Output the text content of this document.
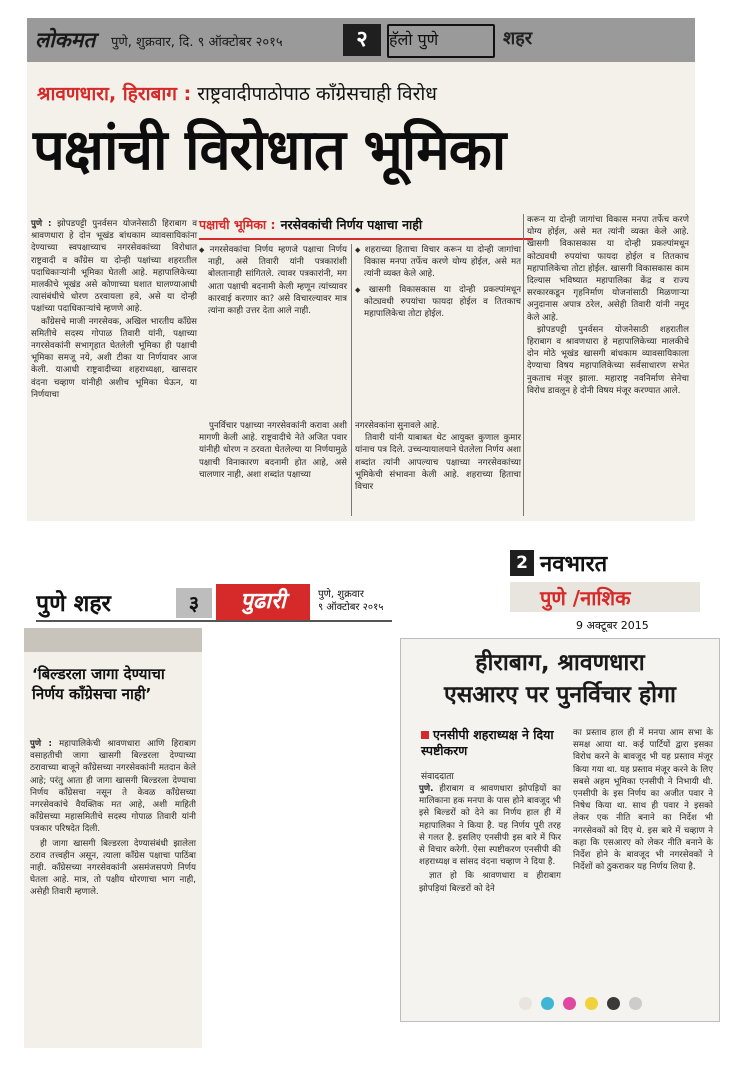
लोकमत पुणे, शुक्रवार, दि. ९ ऑक्टोबर २०१५	२	हॅलो पुणे	शहर
श्रावणधारा, हिराबाग : राष्ट्रवादीपाठोपाठ काँग्रेसचाही विरोध
पक्षांची विरोधात भूमिका

पुणे : झोपडपट्टी पुनर्वसन योजनेसाठी हिराबाग व श्रावणधारा हे दोन भूखंड बांधकाम व्यावसायिकांना देण्याच्या स्वपक्षाच्याच नगरसेवकांच्या विरोधात राष्ट्रवादी व काँग्रेस या दोन्ही पक्षांच्या शहरातील पदाधिकाऱ्यांनी भूमिका घेतली आहे. महापालिकेच्या मालकीचे भूखंड असे कोणाच्या घशात घालण्याआधी त्यासंबंधीचे धोरण ठरवायला हवे, असे या दोन्ही पक्षांच्या पदाधिकाऱ्यांचे म्हणणे आहे.

काँग्रेसचे माजी नगरसेवक, अखिल भारतीय काँग्रेस समितीचे सदस्य गोपाळ तिवारी यांनी, पक्षाच्या नगरसेवकांनी सभागृहात घेतलेली भूमिका ही पक्षाची भूमिका समजू नये, अशी टीका या निर्णयावर आज केली. याआधी राष्ट्रवादीच्या शहराध्यक्षा, खासदार वंदना चव्हाण यांनीही अशीच भूमिका घेऊन, या निर्णयाचा

पक्षाची भूमिका : नरसेवकांची निर्णय पक्षाचा नाही

◆ नगरसेवकांचा निर्णय म्हणजे पक्षाचा निर्णय नाही, असे तिवारी यांनी पत्रकारांशी बोलतानाही सांगितले. त्यावर पत्रकारांनी, मग आता पक्षाची बदनामी केली म्हणून त्यांच्यावर कारवाई करणार का? असे विचारल्यावर मात्र त्यांना काही उत्तर देता आले नाही.

◆ शहराच्या हिताचा विचार करून या दोन्ही जागांचा विकास मनपा तर्फेच करणे योग्य होईल, असे मत त्यांनी व्यक्त केले आहे.

◆ खासगी विकासकास या दोन्ही प्रकल्पांमधून कोट्यवधी रुपयांचा फायदा होईल व तितकाच महापालिकेचा तोटा होईल.

पुनर्विचार पक्षाच्या नगरसेवकांनी करावा अशी मागणी केली आहे. राष्ट्रवादीचे नेते अजित पवार यांनीही धोरण न ठरवता घेतलेल्या या निर्णयामुळे पक्षाची विनाकारण बदनामी होत आहे, असे चालणार नाही, अशा शब्दांत पक्षाच्या

नगरसेवकांना सुनावले आहे.

तिवारी यांनी याबाबत थेट आयुक्त कुणाल कुमार यांनाच पत्र दिले. उच्चन्यायालयाने घेतलेला निर्णय अशा शब्दांत त्यांनी आपल्याच पक्षाच्या नगरसेवकांच्या भूमिकेची संभावना केली आहे. शहराच्या हिताचा विचार

करून या दोन्ही जागांचा विकास मनपा तर्फेच करणे योग्य होईल, असे मत त्यांनी व्यक्त केले आहे. खासगी विकासकास या दोन्ही प्रकल्पांमधून कोट्यवधी रुपयांचा फायदा होईल व तितकाच महापालिकेचा तोटा होईल. खासगी विकासकास काम दिल्यास भविष्यात महापालिका केंद्र व राज्य सरकारकडून गृहनिर्माण योजनांसाठी मिळणाऱ्या अनुदानास अपात्र ठरेल, असेही तिवारी यांनी नमूद केले आहे.

झोपडपट्टी पुनर्वसन योजनेसाठी शहरातील हिराबाग व श्रावणधारा हे महापालिकेच्या मालकीचे दोन मोठे भूखंड खासगी बांधकाम व्यावसायिकाला देण्याचा विषय महापालिकेच्या सर्वसाधारण सभेत नुकताच मंजूर झाला. महाराष्ट्र नवनिर्माण सेनेचा विरोध डावलून हे दोनी विषय मंजूर करण्यात आले.

2 नवभारत
पुणे /नाशिक
9 अक्टूबर 2015
हीराबाग, श्रावणधारा
एसआरए पर पुनर्विचार होगा
एनसीपी शहराध्यक्ष ने दिया स्पष्टीकरण
संवाददाता

पुणे. हीराबाग व श्रावणधारा झोपड़ियों का मालिकाना हक मनपा के पास होने बावजूद भी इसे बिल्डरों को देने का निर्णय हाल ही में महापालिका ने किया है. यह निर्णय पूरी तरह से गलत है. इसलिए एनसीपी इस बारे में फिर से विचार करेगी. ऐसा स्पष्टीकरण एनसीपी की शहराध्यक्ष व सांसद वंदना चव्हाण ने दिया है.

ज्ञात हो कि श्रावणधारा व हीराबाग झोपड़ियां बिल्डरों को देने

का प्रस्ताव हाल ही में मनपा आम सभा के समक्ष आया था. कई पार्टियों द्वारा इसका विरोध करने के बावजूद भी यह प्रस्ताव मंजूर किया गया था. यह प्रस्ताव मंजूर करने के लिए सबसे अहम भूमिका एनसीपी ने निभायी थी. एनसीपी के इस निर्णय का अजीत पवार ने निषेध किया था. साथ ही पवार ने इसको लेकर एक नीति बनाने का निर्देश भी नगरसेवकों को दिए थे. इस बारे में चव्हाण ने कहा कि एसआरए को लेकर नीति बनाने के निर्देश होने के बावजूद भी नगरसेवकों ने निर्देशों को ठुकराकर यह निर्णय लिया है.

पुणे शहर	३	पुढारी	पुणे, शुक्रवार
९ ऑक्टोबर २०१५
‘बिल्डरला जागा देण्याचा निर्णय काँग्रेसचा नाही’

पुणे : महापालिकेची श्रावणधारा आणि हिराबाग वसाहतीची जागा खासगी बिल्डरला देण्याच्या ठरावाच्या बाजूने काँग्रेसच्या नगरसेवकांनी मतदान केले आहे; परंतु आता ही जागा खासगी बिल्डरला देण्याचा निर्णय काँग्रेसचा नसून ते केवळ काँग्रेसच्या नगरसेवकांचे वैयक्तिक मत आहे, अशी माहिती काँग्रेसच्या महासमितीचे सदस्य गोपाळ तिवारी यांनी पत्रकार परिषदेत दिली.

ही जागा खासगी बिल्डरला देण्यासंबंधी झालेला ठराव तत्त्वहीन असून, त्याला काँग्रेस पक्षाचा पाठिंबा नाही. काँग्रेसच्या नगरसेवकांनी असमंजसपणे निर्णय घेतला आहे. मात्र, तो पक्षीय धोरणाचा भाग नाही, असेही तिवारी म्हणाले.
